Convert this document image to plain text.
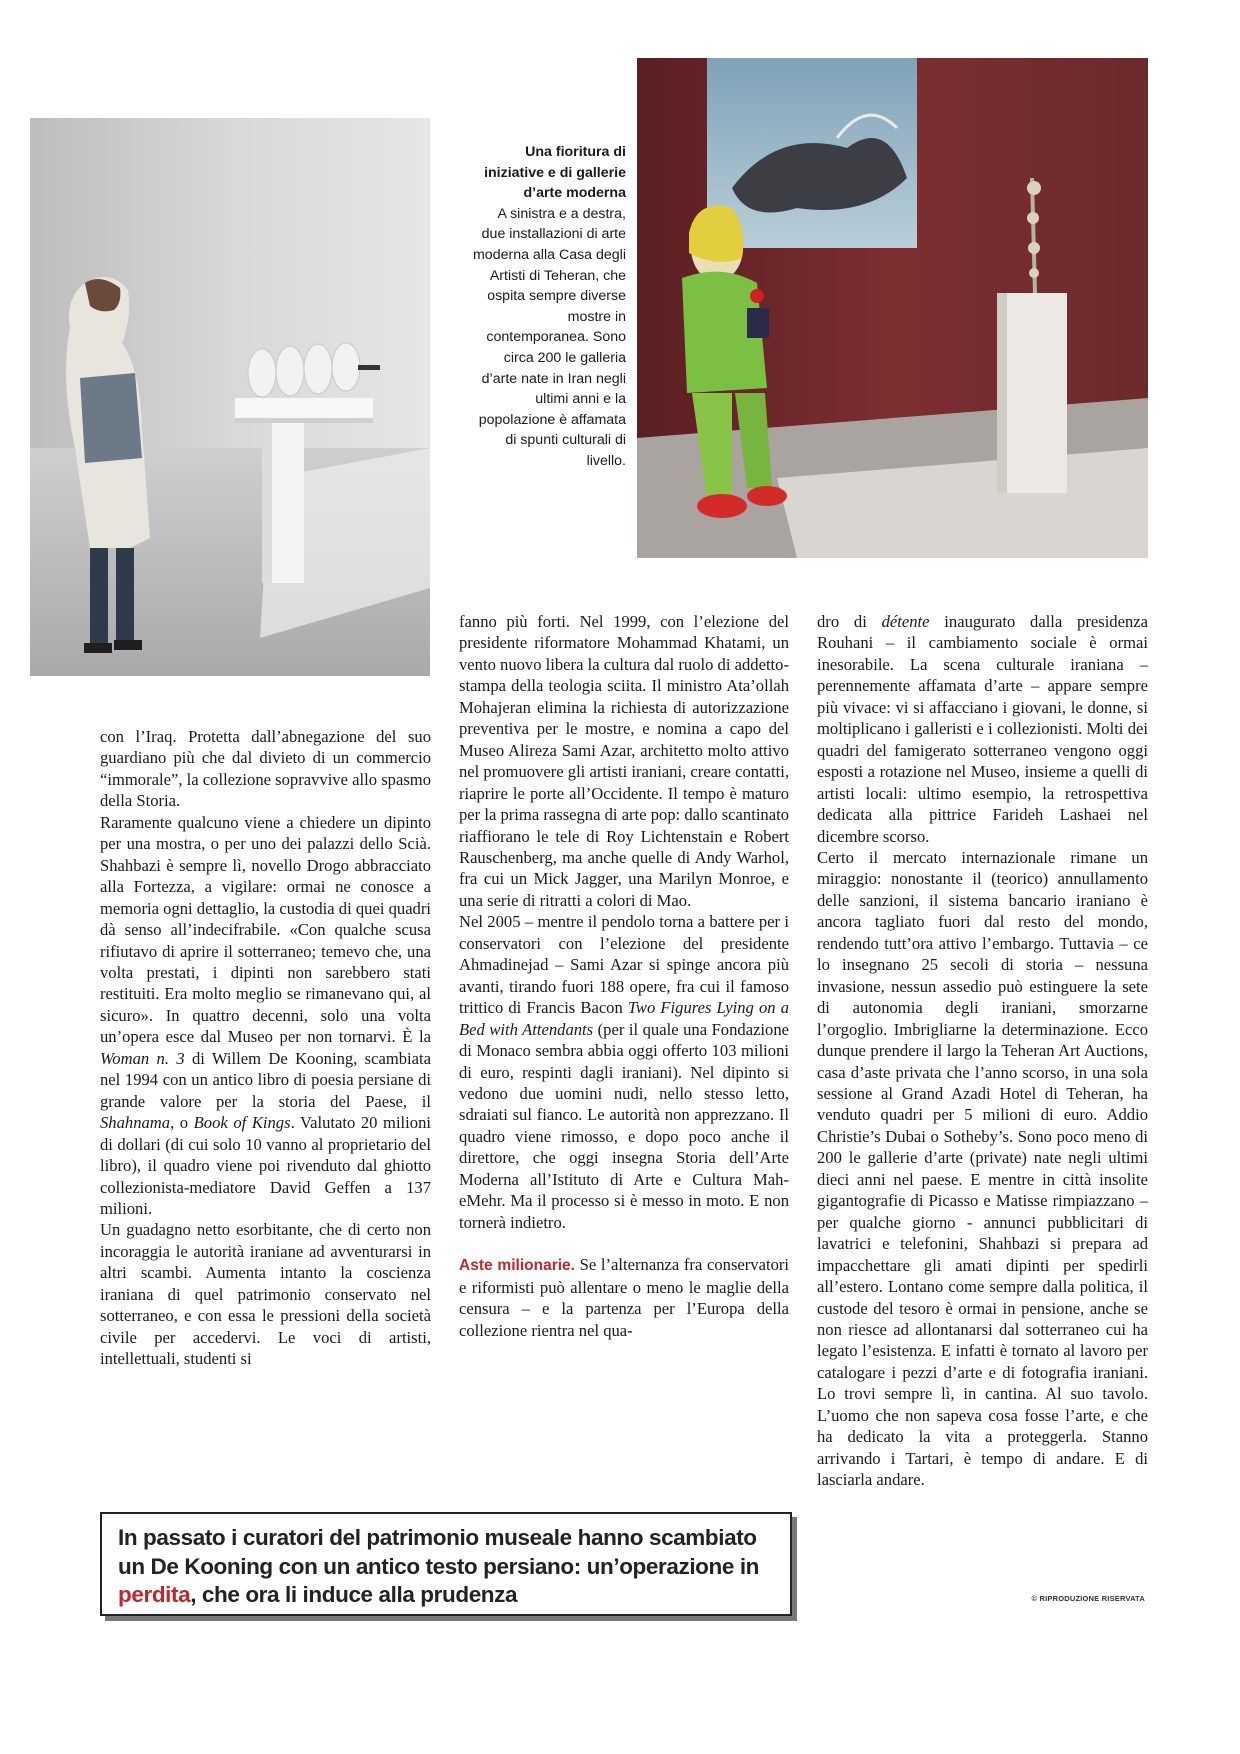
Una fioritura di iniziative e di gallerie d’arte moderna
A sinistra e a destra, due installazioni di arte moderna alla Casa degli Artisti di Teheran, che ospita sempre diverse mostre in contemporanea. Sono circa 200 le galleria d’arte nate in Iran negli ultimi anni e la popolazione è affamata di spunti culturali di livello.

con l’Iraq. Protetta dall’abnegazione del suo guardiano più che dal divieto di un commercio “immorale”, la collezione sopravvive allo spasmo della Storia.

Raramente qualcuno viene a chiedere un dipinto per una mostra, o per uno dei palazzi dello Scià. Shahbazi è sempre lì, novello Drogo abbracciato alla Fortezza, a vigilare: ormai ne conosce a memoria ogni dettaglio, la custodia di quei quadri dà senso all’indecifrabile. «Con qualche scusa rifiutavo di aprire il sotterraneo; temevo che, una volta prestati, i dipinti non sarebbero stati restituiti. Era molto meglio se rimanevano qui, al sicuro». In quattro decenni, solo una volta un’opera esce dal Museo per non tornarvi. È la Woman n. 3 di Willem De Kooning, scambiata nel 1994 con un antico libro di poesia persiane di grande valore per la storia del Paese, il Shahnama, o Book of Kings. Valutato 20 milioni di dollari (di cui solo 10 vanno al proprietario del libro), il quadro viene poi rivenduto dal ghiotto collezionista-mediatore David Geffen a 137 milioni.

Un guadagno netto esorbitante, che di certo non incoraggia le autorità iraniane ad avventurarsi in altri scambi. Aumenta intanto la coscienza iraniana di quel patrimonio conservato nel sotterraneo, e con essa le pressioni della società civile per accedervi. Le voci di artisti, intellettuali, studenti si

fanno più forti. Nel 1999, con l’elezione del presidente riformatore Mohammad Khatami, un vento nuovo libera la cultura dal ruolo di addetto-stampa della teologia sciita. Il ministro Ata’ollah Mohajeran elimina la richiesta di autorizzazione preventiva per le mostre, e nomina a capo del Museo Alireza Sami Azar, architetto molto attivo nel promuovere gli artisti iraniani, creare contatti, riaprire le porte all’Occidente. Il tempo è maturo per la prima rassegna di arte pop: dallo scantinato riaffiorano le tele di Roy Lichtenstain e Robert Rauschenberg, ma anche quelle di Andy Warhol, fra cui un Mick Jagger, una Marilyn Monroe, e una serie di ritratti a colori di Mao.

Nel 2005 – mentre il pendolo torna a battere per i conservatori con l’elezione del presidente Ahmadinejad – Sami Azar si spinge ancora più avanti, tirando fuori 188 opere, fra cui il famoso trittico di Francis Bacon Two Figures Lying on a Bed with Attendants (per il quale una Fondazione di Monaco sembra abbia oggi offerto 103 milioni di euro, respinti dagli iraniani). Nel dipinto si vedono due uomini nudi, nello stesso letto, sdraiati sul fianco. Le autorità non apprezzano. Il quadro viene rimosso, e dopo poco anche il direttore, che oggi insegna Storia dell’Arte Moderna all’Istituto di Arte e Cultura Mah-eMehr. Ma il processo si è messo in moto. E non tornerà indietro.

Aste milionarie. Se l’alternanza fra conservatori e riformisti può allentare o meno le maglie della censura – e la partenza per l’Europa della collezione rientra nel qua-

dro di détente inaugurato dalla presidenza Rouhani – il cambiamento sociale è ormai inesorabile. La scena culturale iraniana – perennemente affamata d’arte – appare sempre più vivace: vi si affacciano i giovani, le donne, si moltiplicano i galleristi e i collezionisti. Molti dei quadri del famigerato sotterraneo vengono oggi esposti a rotazione nel Museo, insieme a quelli di artisti locali: ultimo esempio, la retrospettiva dedicata alla pittrice Farideh Lashaei nel dicembre scorso.

Certo il mercato internazionale rimane un miraggio: nonostante il (teorico) annullamento delle sanzioni, il sistema bancario iraniano è ancora tagliato fuori dal resto del mondo, rendendo tutt’ora attivo l’embargo. Tuttavia – ce lo insegnano 25 secoli di storia – nessuna invasione, nessun assedio può estinguere la sete di autonomia degli iraniani, smorzarne l’orgoglio. Imbrigliarne la determinazione. Ecco dunque prendere il largo la Teheran Art Auctions, casa d’aste privata che l’anno scorso, in una sola sessione al Grand Azadi Hotel di Teheran, ha venduto quadri per 5 milioni di euro. Addio Christie’s Dubai o Sotheby’s. Sono poco meno di 200 le gallerie d’arte (private) nate negli ultimi dieci anni nel paese. E mentre in città insolite gigantografie di Picasso e Matisse rimpiazzano – per qualche giorno - annunci pubblicitari di lavatrici e telefonini, Shahbazi si prepara ad impacchettare gli amati dipinti per spedirli all’estero. Lontano come sempre dalla politica, il custode del tesoro è ormai in pensione, anche se non riesce ad allontanarsi dal sotterraneo cui ha legato l’esistenza. E infatti è tornato al lavoro per catalogare i pezzi d’arte e di fotografia iraniani. Lo trovi sempre lì, in cantina. Al suo tavolo. L’uomo che non sapeva cosa fosse l’arte, e che ha dedicato la vita a proteggerla. Stanno arrivando i Tartari, è tempo di andare. E di lasciarla andare.

In passato i curatori del patrimonio museale hanno scambiato un De Kooning con un antico testo persiano: un’operazione in perdita, che ora li induce alla prudenza	© RIPRODUZIONE RISERVATA
